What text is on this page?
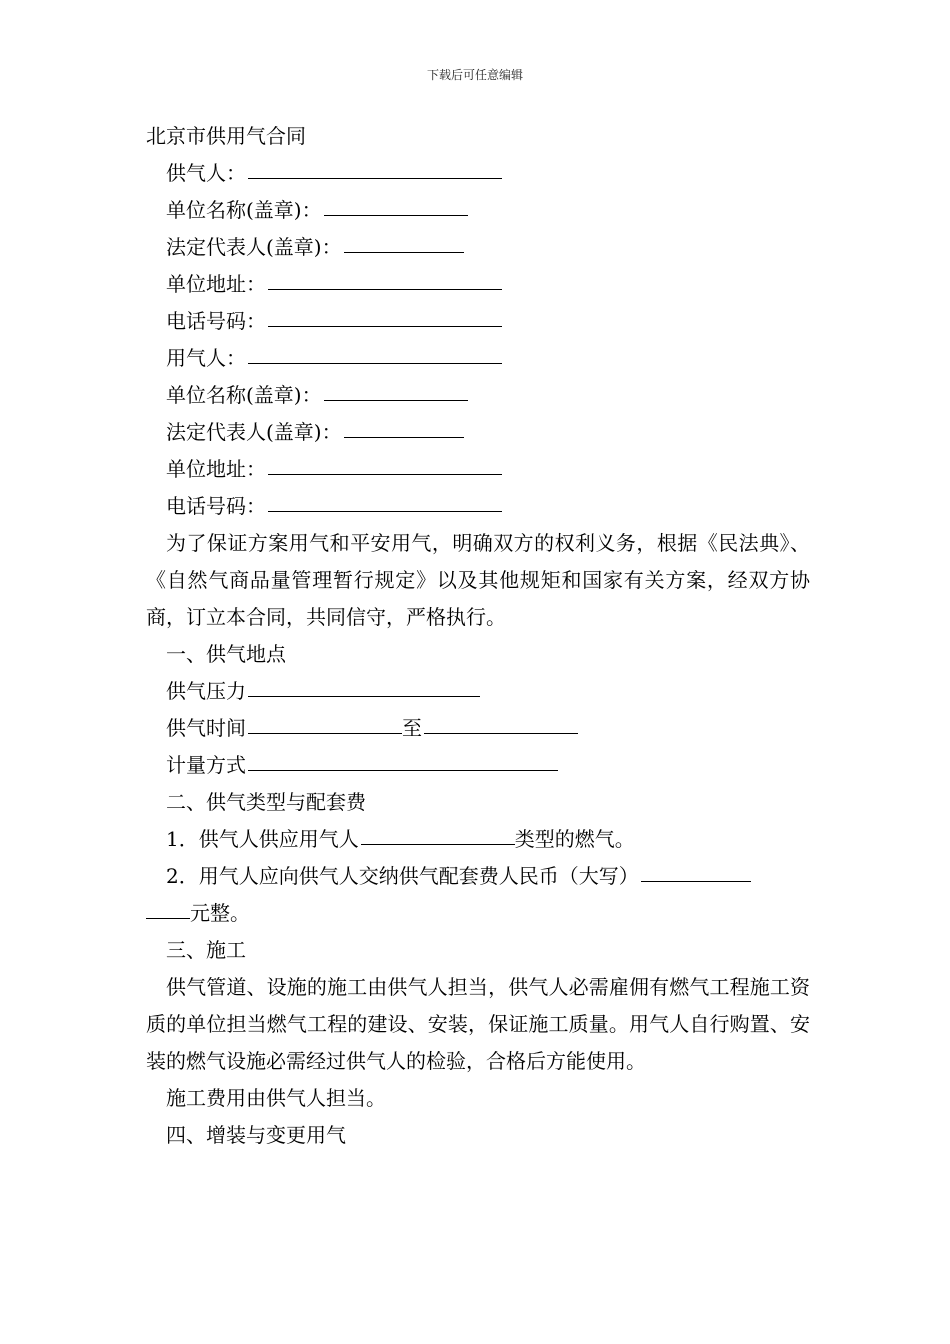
下载后可任意编辑
北京市供用气合同
供气人：
单位名称(盖章)：
法定代表人(盖章)：
单位地址：
电话号码：
用气人：
单位名称(盖章)：
法定代表人(盖章)：
单位地址：
电话号码：
为了保证方案用气和平安用气，明确双方的权利义务，根据《民法典》、《自然气商品量管理暂行规定》以及其他规矩和国家有关方案，经双方协商，订立本合同，共同信守，严格执行。
一、供气地点
供气压力
供气时间	至
计量方式
二、供气类型与配套费
1．供气人供应用气人	类型的燃气。
2．用气人应向供气人交纳供气配套费人民币（大写）
元整。
三、施工
供气管道、设施的施工由供气人担当，供气人必需雇佣有燃气工程施工资质的单位担当燃气工程的建设、安装，保证施工质量。用气人自行购置、安装的燃气设施必需经过供气人的检验，合格后方能使用。
施工费用由供气人担当。
四、增装与变更用气
